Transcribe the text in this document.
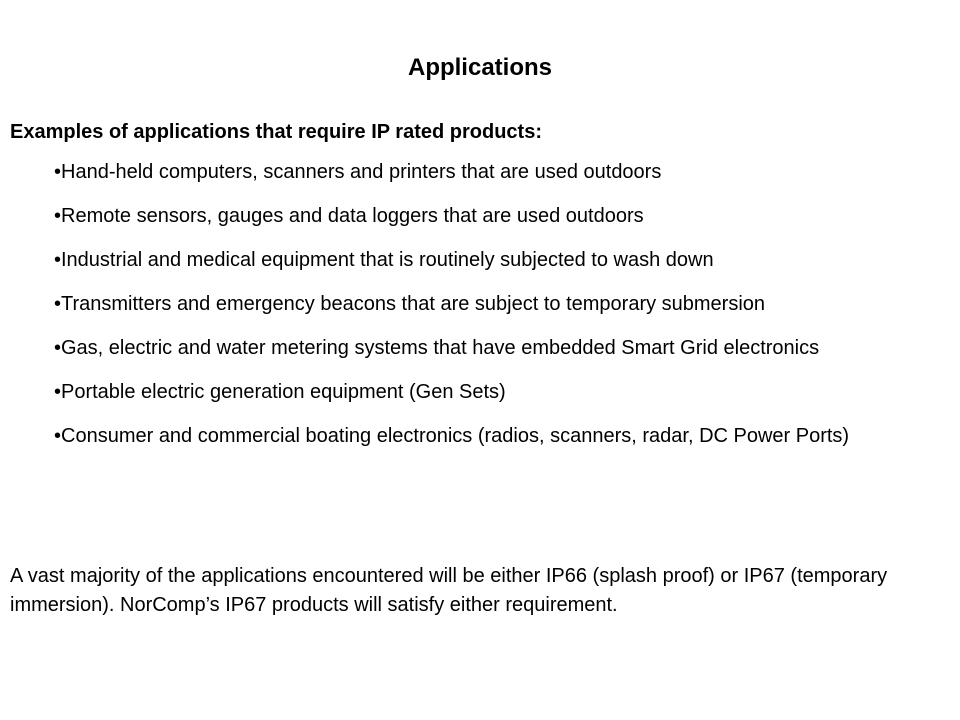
Applications
Examples of applications that require IP rated products:
•Hand-held computers, scanners and printers that are used outdoors
•Remote sensors, gauges and data loggers that are used outdoors
•Industrial and medical equipment that is routinely subjected to wash down
•Transmitters and emergency beacons that are subject to temporary submersion
•Gas, electric and water metering systems that have embedded Smart Grid electronics
•Portable electric generation equipment (Gen Sets)
•Consumer and commercial boating electronics (radios, scanners, radar, DC Power Ports)
A vast majority of the applications encountered will be either IP66 (splash proof) or IP67 (temporary immersion). NorComp’s IP67 products will satisfy either requirement.
